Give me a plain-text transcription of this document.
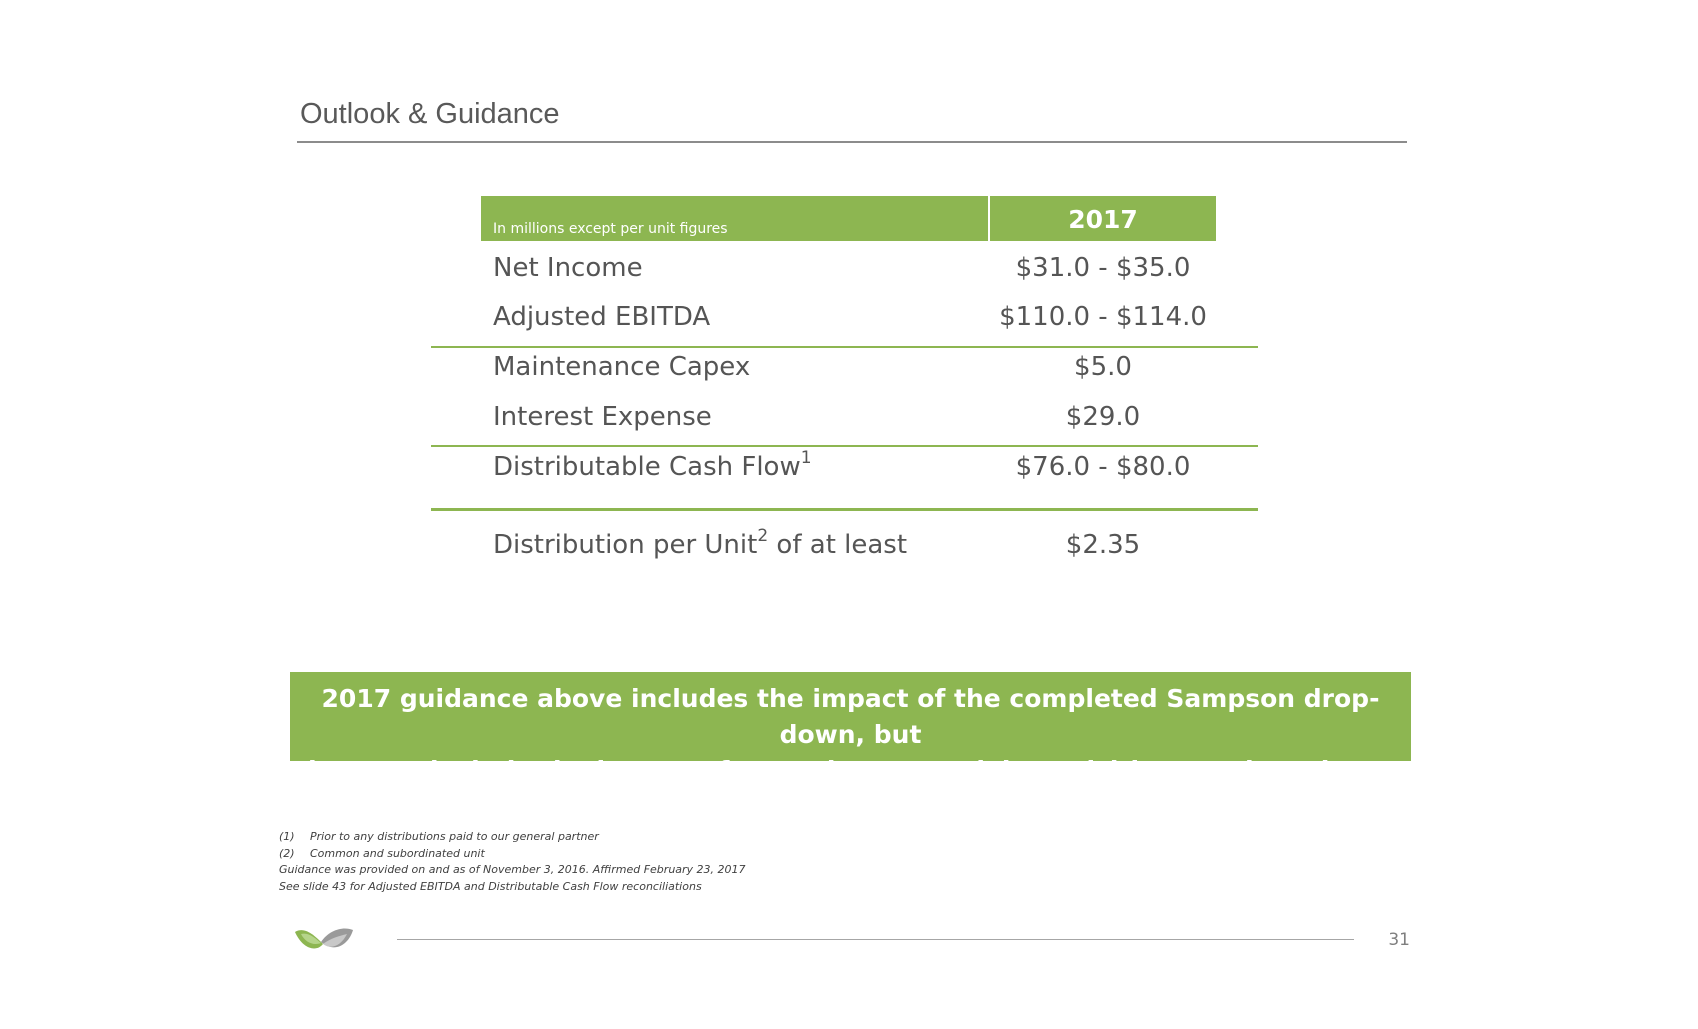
Outlook & Guidance
In millions except per unit figures	2017
Net Income	$31.0 - $35.0
Adjusted EBITDA	$110.0 - $114.0
Maintenance Capex	$5.0
Interest Expense	$29.0
Distributable Cash Flow$^1$	$76.0 - $80.0
Distribution per Unit$^2$ of at least	$2.35
2017 guidance above includes the impact of the completed Sampson drop-down, but
does not include the impact of any other potential acquisitions or drop-downs
(1) Prior to any distributions paid to our general partner
(2) Common and subordinated unit
Guidance was provided on and as of November 3, 2016. Affirmed February 23, 2017
See slide 43 for Adjusted EBITDA and Distributable Cash Flow reconciliations
31
